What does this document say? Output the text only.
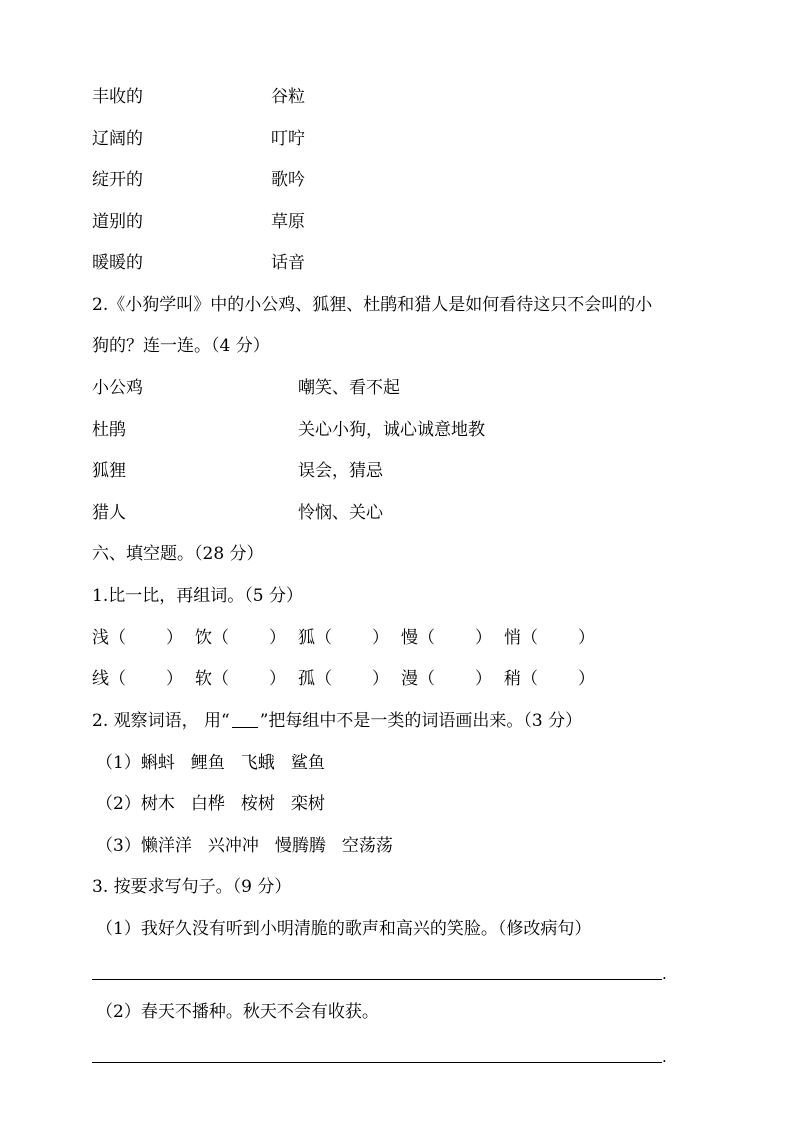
丰收的	谷粒
辽阔的	叮咛
绽开的	歌吟
道别的	草原
暖暖的	话音
2.《小狗学叫》中的小公鸡、狐狸、杜鹃和猎人是如何看待这只不会叫的小
狗的？连一连。（4 分）
小公鸡	嘲笑、看不起
杜鹃	关心小狗，诚心诚意地教
狐狸	误会，猜忌
猎人	怜悯、关心
六、填空题。（28 分）
1.比一比，再组词。（5 分）
浅（ ） 饮（ ） 狐（ ） 慢（ ） 悄（ ）
线（ ） 软（ ） 孤（ ） 漫（ ） 稍（ ）
2. 观察词语， 用“ ”把每组中不是一类的词语画出来。（3 分）
（1）蝌蚪 鲤鱼 飞蛾 鲨鱼
（2）树木 白桦 桉树 栾树
（3）懒洋洋 兴冲冲 慢腾腾 空荡荡
3. 按要求写句子。（9 分）
（1）我好久没有听到小明清脆的歌声和高兴的笑脸。（修改病句）
.
（2）春天不播种。秋天不会有收获。
.
